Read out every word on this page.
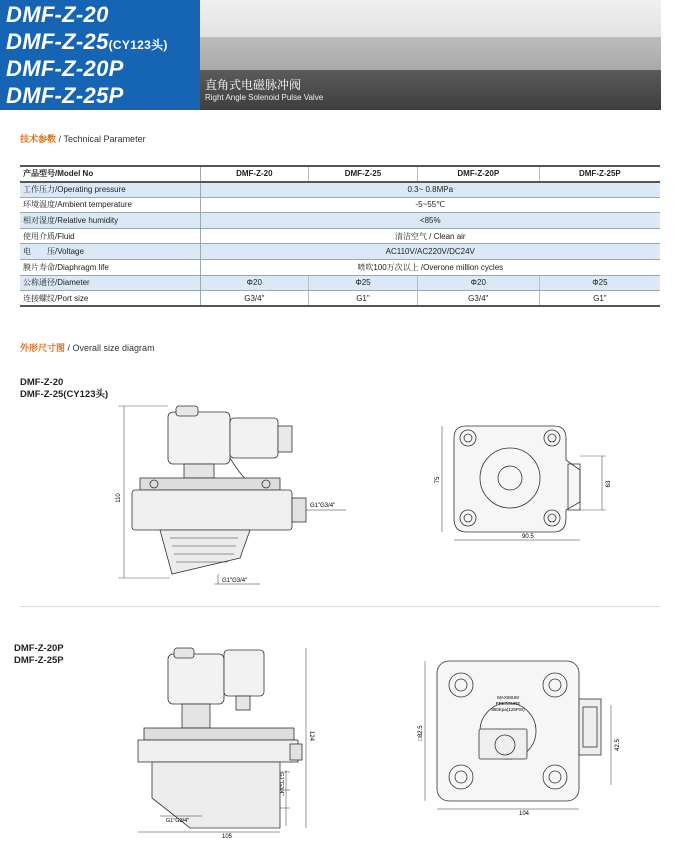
DMF-Z-20
DMF-Z-25(CY123头)
DMF-Z-20P
DMF-Z-25P	直角式电磁脉冲阀
Right Angle Solenoid Pulse Valve
技术参数 / Technical Parameter
产品型号/Model No	DMF-Z-20	DMF-Z-25	DMF-Z-20P	DMF-Z-25P
工作压力/Operating pressure	0.3~ 0.8MPa			
环境温度/Ambient temperature	-5~55℃			
相对湿度/Relative humidity	<85%			
使用介质/Fluid	清洁空气 / Clean air			
电　　压/Voltage	AC110V/AC220V/DC24V			
膜片寿命/Diaphragm life	喷吹100万次以上 /Overone million cycles			
公称通径/Diameter	Φ20	Φ25	Φ20	Φ25
连接螺纹/Port size	G3/4"	G1"	G3/4"	G1"
外形尺寸图 / Overall size diagram
DMF-Z-20
DMF-Z-25(CY123头)
110
G1"G3/4"
G1"G3/4"
75
90.5
63
DMF-Z-20P
DMF-Z-25P
124
G1"G3/4"
G1"G3/4"
105
□82.5
104
42.5
MAXIMUM
PRESSURE
860Kpa(125PSI)
